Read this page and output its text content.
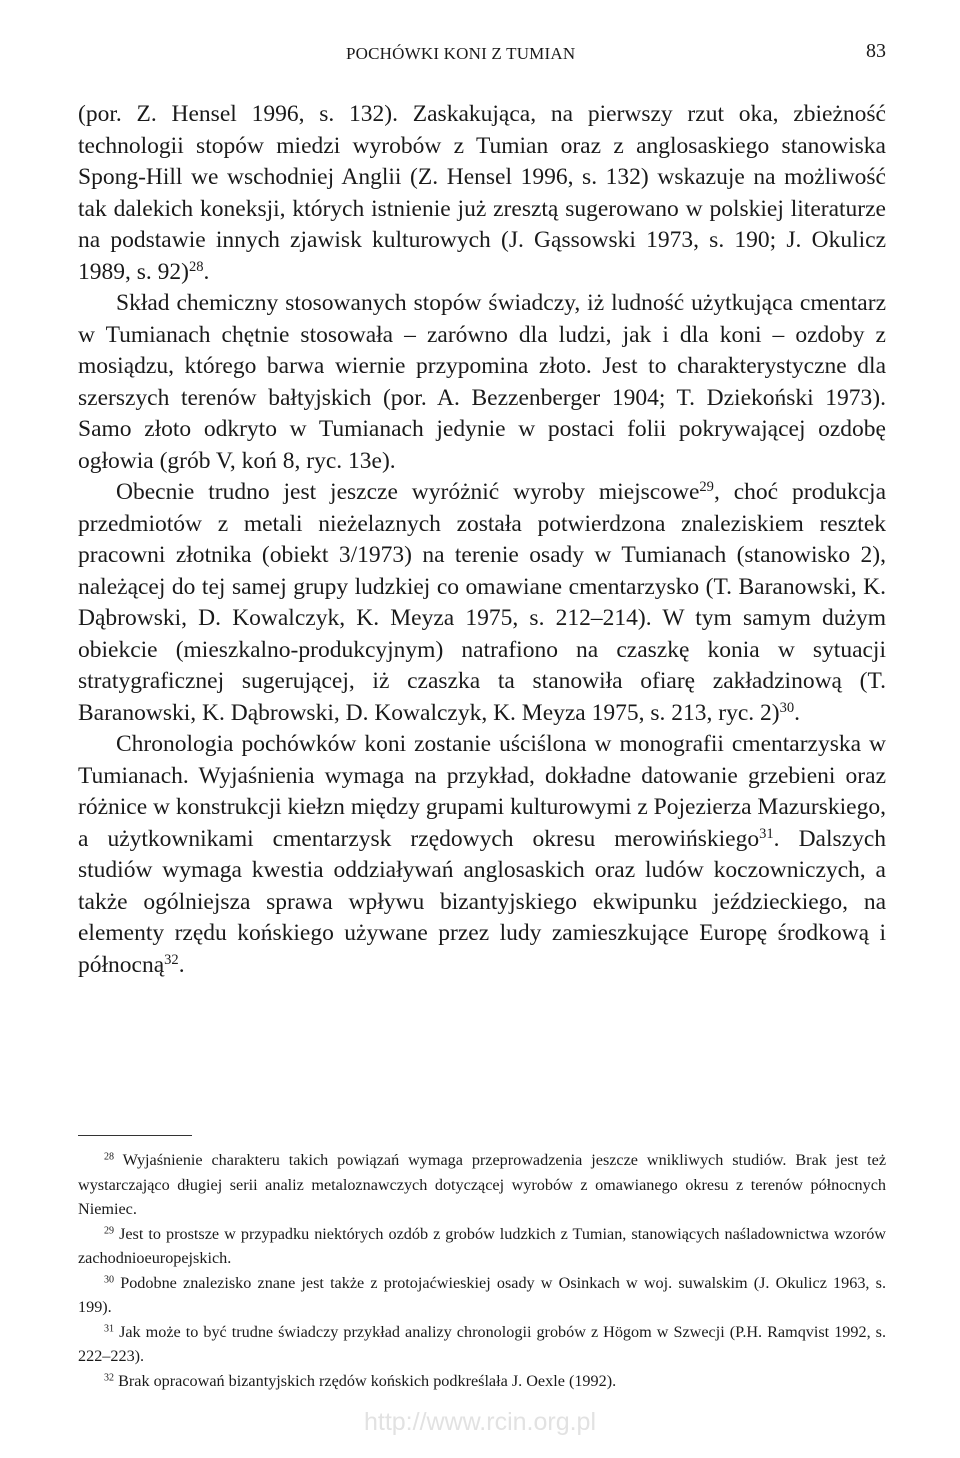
POCHÓWKI KONI Z TUMIAN	83

(por. Z. Hensel 1996, s. 132). Zaskakująca, na pierwszy rzut oka, zbieżność technologii stopów miedzi wyrobów z Tumian oraz z anglosaskiego stanowiska Spong-Hill we wschodniej Anglii (Z. Hensel 1996, s. 132) wskazuje na możliwość tak dalekich koneksji, których istnienie już zresztą sugerowano w polskiej literaturze na podstawie innych zjawisk kulturowych (J. Gąssowski 1973, s. 190; J. Okulicz 1989, s. 92)$^{28}$.

Skład chemiczny stosowanych stopów świadczy, iż ludność użytkująca cmentarz w Tumianach chętnie stosowała – zarówno dla ludzi, jak i dla koni – ozdoby z mosiądzu, którego barwa wiernie przypomina złoto. Jest to charakterystyczne dla szerszych terenów bałtyjskich (por. A. Bezzenberger 1904; T. Dziekoński 1973). Samo złoto odkryto w Tumianach jedynie w postaci folii pokrywającej ozdobę ogłowia (grób V, koń 8, ryc. 13e).

Obecnie trudno jest jeszcze wyróżnić wyroby miejscowe$^{29}$, choć produkcja przedmiotów z metali nieżelaznych została potwierdzona znaleziskiem resztek pracowni złotnika (obiekt 3/1973) na terenie osady w Tumianach (stanowisko 2), należącej do tej samej grupy ludzkiej co omawiane cmentarzysko (T. Baranowski, K. Dąbrowski, D. Kowalczyk, K. Meyza 1975, s. 212–214). W tym samym dużym obiekcie (mieszkalno-produkcyjnym) natrafiono na czaszkę konia w sytuacji stratygraficznej sugerującej, iż czaszka ta stanowiła ofiarę zakładzinową (T. Baranowski, K. Dąbrowski, D. Kowalczyk, K. Meyza 1975, s. 213, ryc. 2)$^{30}$.

Chronologia pochówków koni zostanie uściślona w monografii cmentarzyska w Tumianach. Wyjaśnienia wymaga na przykład, dokładne datowanie grzebieni oraz różnice w konstrukcji kiełzn między grupami kulturowymi z Pojezierza Mazurskiego, a użytkownikami cmentarzysk rzędowych okresu merowińskiego$^{31}$. Dalszych studiów wymaga kwestia oddziaływań anglosaskich oraz ludów koczowniczych, a także ogólniejsza sprawa wpływu bizantyjskiego ekwipunku jeździeckiego, na elementy rzędu końskiego używane przez ludy zamieszkujące Europę środkową i północną$^{32}$.

$^{28}$ Wyjaśnienie charakteru takich powiązań wymaga przeprowadzenia jeszcze wnikliwych studiów. Brak jest też wystarczająco długiej serii analiz metaloznawczych dotyczącej wyrobów z omawianego okresu z terenów północnych Niemiec.

$^{29}$ Jest to prostsze w przypadku niektórych ozdób z grobów ludzkich z Tumian, stanowiących naśladownictwa wzorów zachodnioeuropejskich.

$^{30}$ Podobne znalezisko znane jest także z protojaćwieskiej osady w Osinkach w woj. suwalskim (J. Okulicz 1963, s. 199).

$^{31}$ Jak może to być trudne świadczy przykład analizy chronologii grobów z Högom w Szwecji (P.H. Ramqvist 1992, s. 222–223).

$^{32}$ Brak opracowań bizantyjskich rzędów końskich podkreślała J. Oexle (1992).

http://www.rcin.org.pl
